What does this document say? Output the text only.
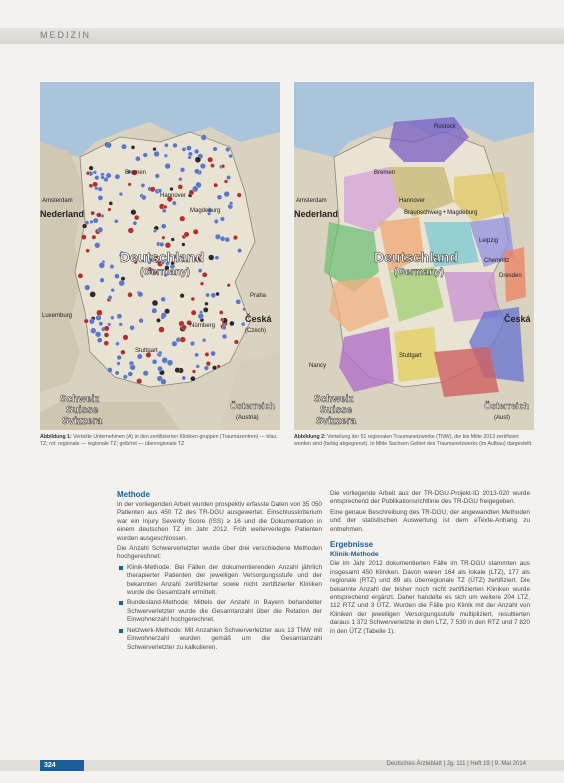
MEDIZIN
Deutschland
(Germany)
Nederland
Česká
(Czech)
Österreich
(Austria)
Schweiz
Suisse
Svizzera
Bremen
Hannover
Magdeburg
Amsterdam
Luxemburg
Praha
Nürnberg
Stuttgart
Deutschland
(Germany)
Nederland
Česká
Österreich
(Aust)
Schweiz
Suisse
Svizzera
Rostock
Bremen
Hannover
Braunschweig • Magdeburg
Chemnitz
Leipzig
Dresden
Stuttgart
Amsterdam
Nancy
Abbildung 1: Verteilte Unternehmen (A) in den zertifizierten Kliniken-gruppen (Traumazentren) — blau: TZ; rot: regionale — regionale TZ; gelb/rot — überregionale TZ
Abbildung 2: Verteilung der 51 regionalen Traumanetzwerke (TNW), die bis Mitte 2013 zertifiziert worden sind (farbig abgegrenzt). In Mitte Sachsen Gebiet des Traumanetzwerks (im Aufbau) dargestellt.
Methode

In der vorliegenden Arbeit wurden prospektiv erfasste Daten von 35 050 Patienten aus 450 TZ des TR-DGU ausgewertet. Einschlusskriterium war ein Injury Severity Score (ISS) ≥ 16 und die Dokumentation in einem deutschen TZ im Jahr 2012. Früh weiterverlegte Patienten wurden ausgeschlossen.

Die Anzahl Schwerverletzter wurde über drei verschiedene Methoden hochgerechnet:

Klinik-Methode: Bei Fällen der dokumentierenden Anzahl jährlich therapierter Patienten der jeweiligen Versorgungsstufe und der bekannten Anzahl zertifizierter sowie nicht zertifizierter Kliniken wurde die Gesamtzahl ermittelt.
Bundesland-Methode: Mittels der Anzahl in Bayern behandelter Schwerverletzter wurde die Gesamtanzahl über die Relation der Einwohnerzahl hochgerechnet.
Netzwerk-Methode: Mit Anzahlen Schwerverletzter aus 13 TNW mit Einwohnerzahl wurden gemäß um die Gesamtanzahl Schwerverletzter zu kalkulieren.

Die vorliegende Arbeit aus der TR-DGU-Projekt-ID 2013-020 wurde entsprechend der Publikationsrichtlinie des TR-DGU freigegeben.

Eine genaue Beschreibung des TR-DGU, der angewandten Methoden und der statistischen Auswertung ist dem eTexte-Anhang zu entnehmen.

Ergebnisse
Klinik-Methode

Die im Jahr 2012 dokumentierten Fälle im TR-DGU stammten aus insgesamt 450 Kliniken. Davon waren 164 als lokale (LTZ), 177 als regionale (RTZ) und 89 als überregionale TZ (ÜTZ) zertifiziert. Die bekannte Anzahl der bisher noch nicht zertifizierten Kliniken wurde entsprechend ergänzt. Daher handelte es sich um weitere 204 LTZ, 112 RTZ und 3 ÜTZ. Wurden die Fälle pro Klinik mit der Anzahl von Kliniken der jeweiligen Versorgungsstufe multipliziert, resultierten daraus 1 372 Schwerverletzte in den LTZ, 7 530 in den RTZ und 7 820 in den ÜTZ (Tabelle 1).

324	Deutsches Ärzteblatt | Jg. 111 | Heft 19 | 9. Mai 2014
